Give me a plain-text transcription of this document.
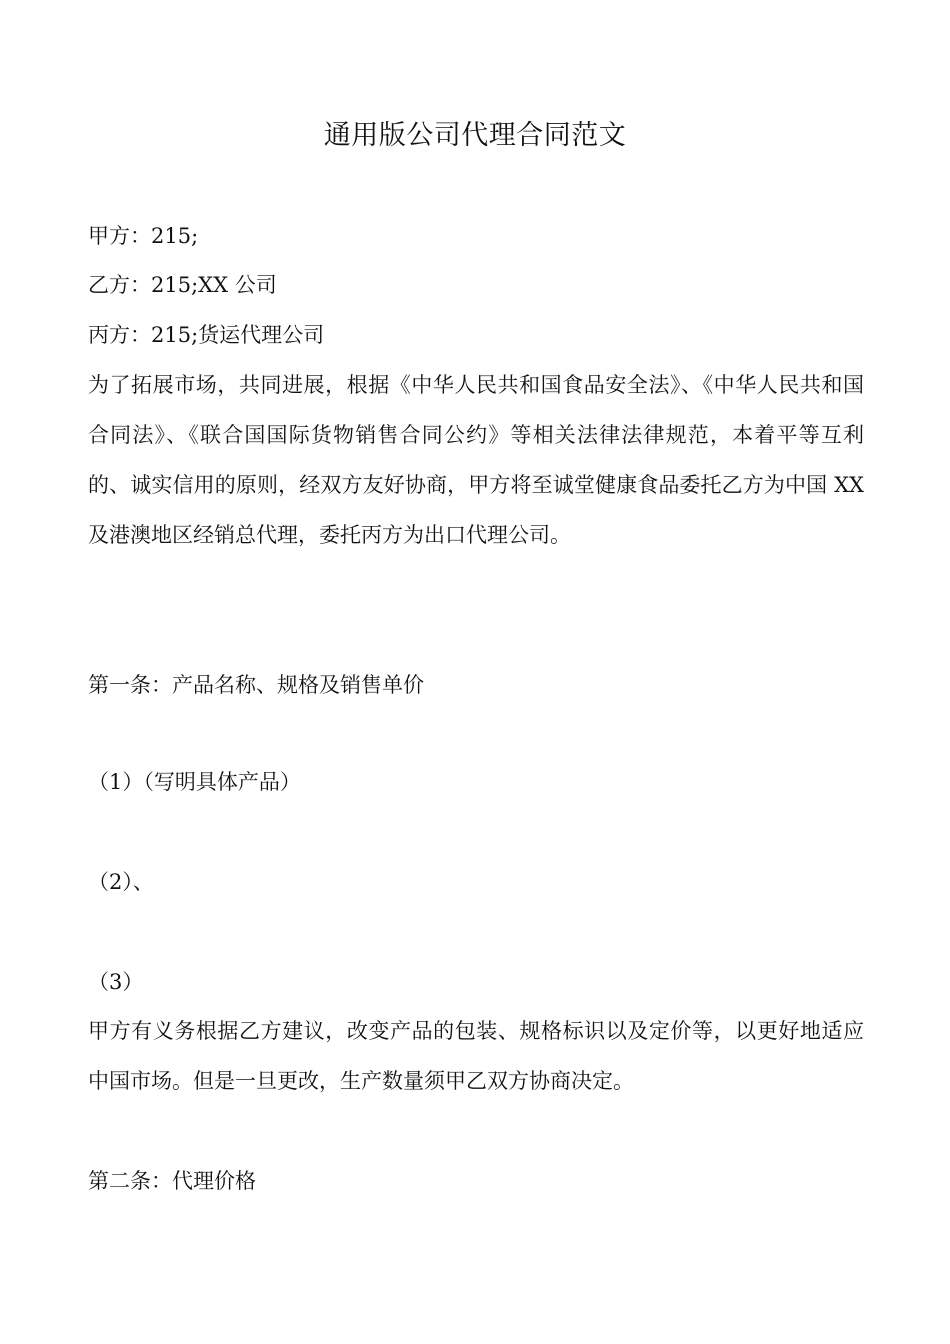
通用版公司代理合同范文
甲方：215;
乙方：215;XX 公司
丙方：215;货运代理公司
为了拓展市场，共同进展，根据《中华人民共和国食品安全法》、《中华人民共和国合同法》、《联合国国际货物销售合同公约》等相关法律法律规范，本着平等互利的、诚实信用的原则，经双方友好协商，甲方将至诚堂健康食品委托乙方为中国 XX 及港澳地区经销总代理，委托丙方为出口代理公司。
第一条：产品名称、规格及销售单价
（1）（写明具体产品）
（2）、
（3）
甲方有义务根据乙方建议，改变产品的包装、规格标识以及定价等，以更好地适应中国市场。但是一旦更改，生产数量须甲乙双方协商决定。
第二条：代理价格
